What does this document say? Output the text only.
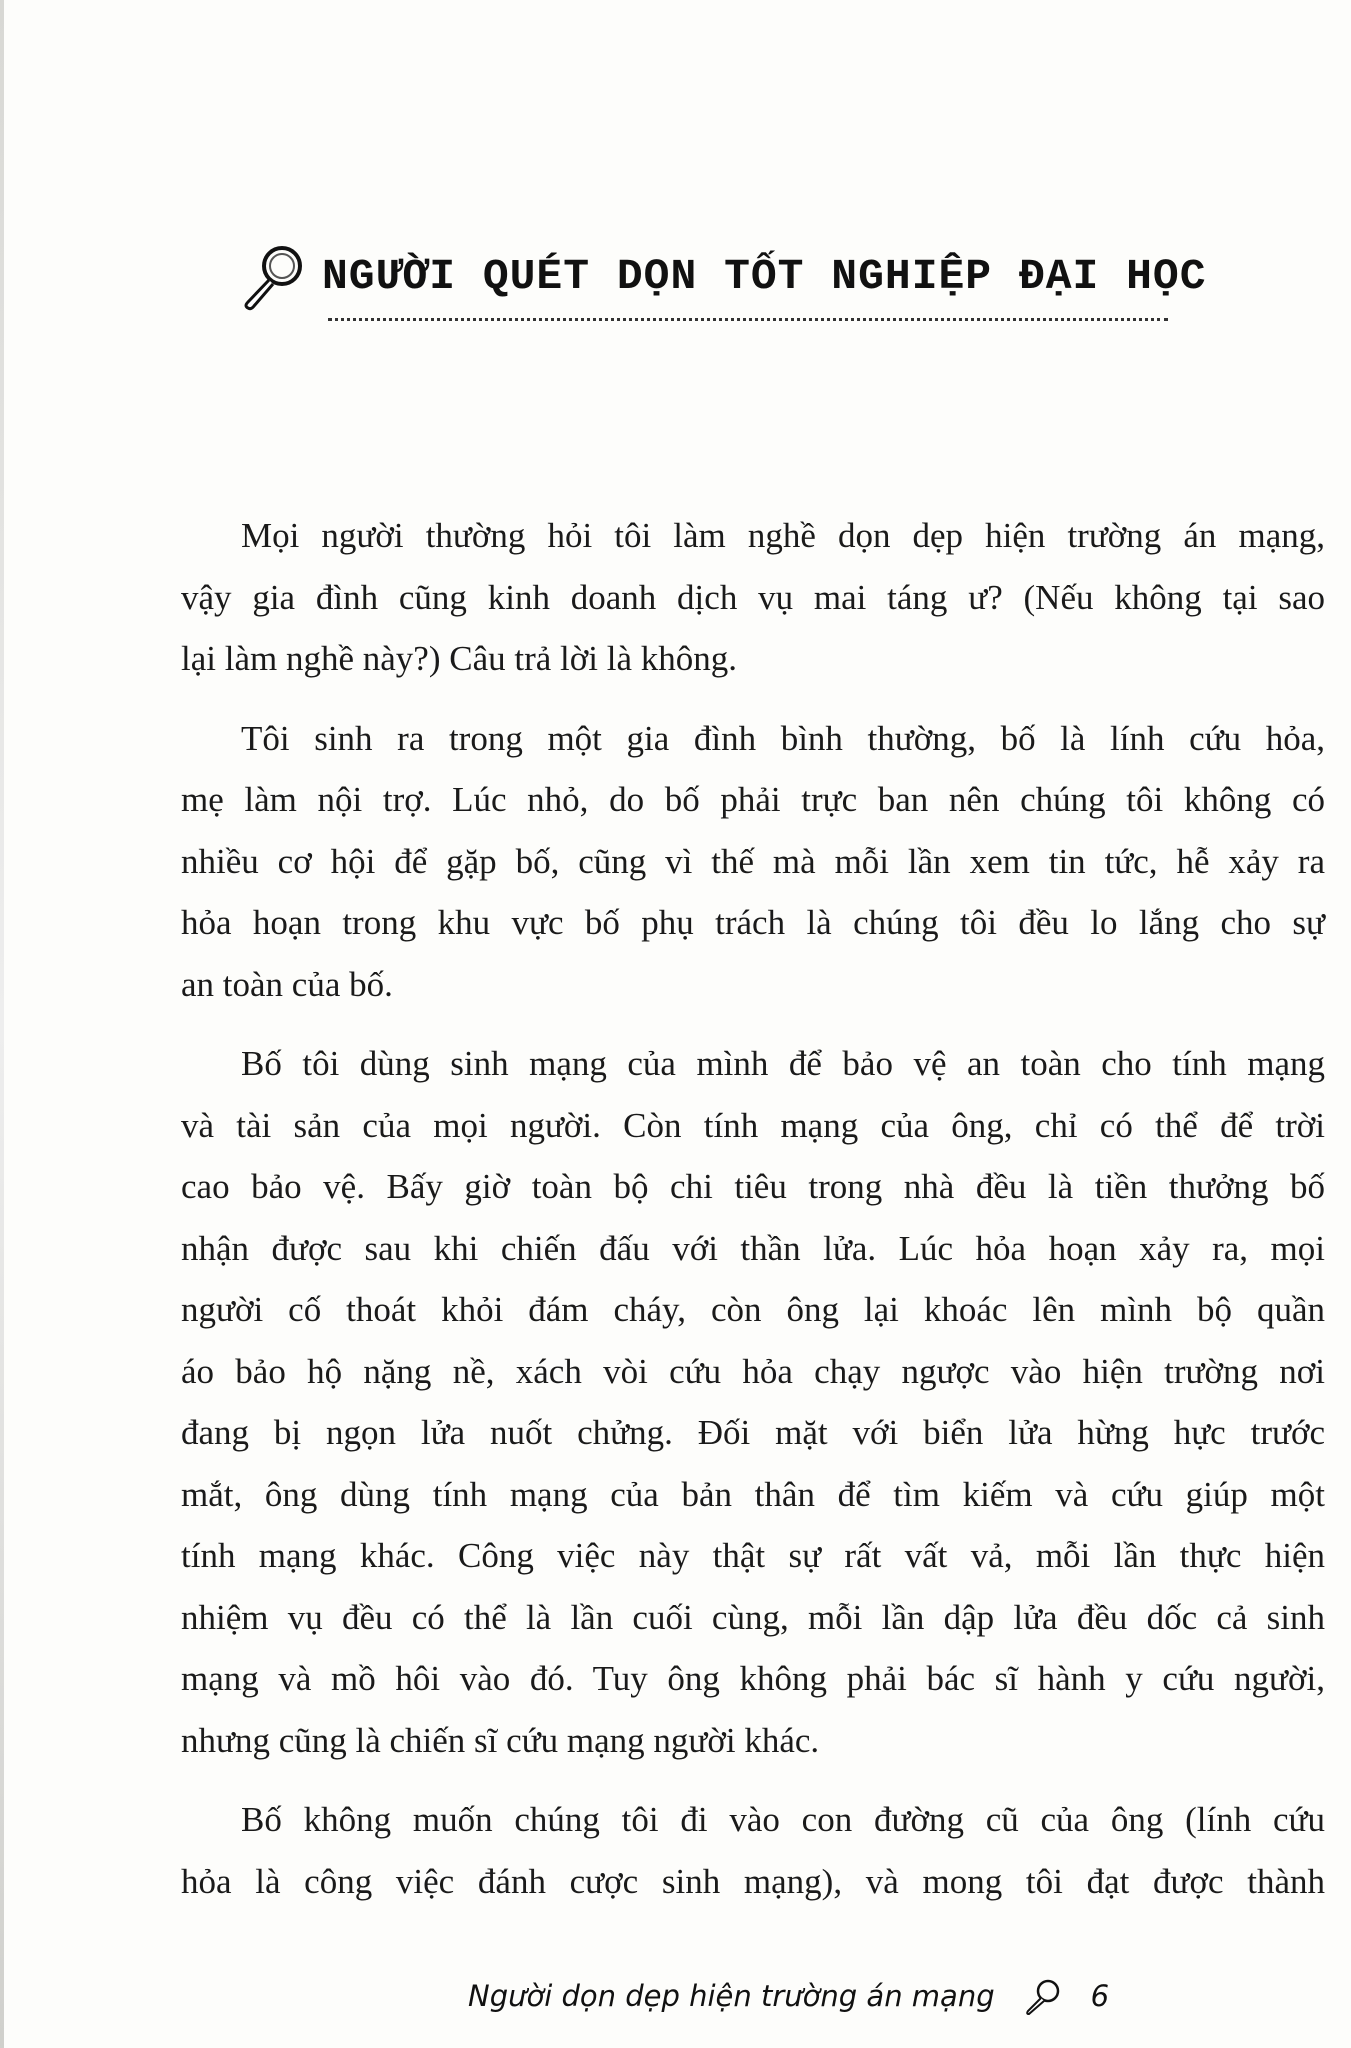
NGƯỜI QUÉT DỌN TỐT NGHIỆP ĐẠI HỌC
Mọi người thường hỏi tôi làm nghề dọn dẹp hiện trường án mạng,
vậy gia đình cũng kinh doanh dịch vụ mai táng ư? (Nếu không tại sao
lại làm nghề này?) Câu trả lời là không.
Tôi sinh ra trong một gia đình bình thường, bố là lính cứu hỏa,
mẹ làm nội trợ. Lúc nhỏ, do bố phải trực ban nên chúng tôi không có
nhiều cơ hội để gặp bố, cũng vì thế mà mỗi lần xem tin tức, hễ xảy ra
hỏa hoạn trong khu vực bố phụ trách là chúng tôi đều lo lắng cho sự
an toàn của bố.
Bố tôi dùng sinh mạng của mình để bảo vệ an toàn cho tính mạng
và tài sản của mọi người. Còn tính mạng của ông, chỉ có thể để trời
cao bảo vệ. Bấy giờ toàn bộ chi tiêu trong nhà đều là tiền thưởng bố
nhận được sau khi chiến đấu với thần lửa. Lúc hỏa hoạn xảy ra, mọi
người cố thoát khỏi đám cháy, còn ông lại khoác lên mình bộ quần
áo bảo hộ nặng nề, xách vòi cứu hỏa chạy ngược vào hiện trường nơi
đang bị ngọn lửa nuốt chửng. Đối mặt với biển lửa hừng hực trước
mắt, ông dùng tính mạng của bản thân để tìm kiếm và cứu giúp một
tính mạng khác. Công việc này thật sự rất vất vả, mỗi lần thực hiện
nhiệm vụ đều có thể là lần cuối cùng, mỗi lần dập lửa đều dốc cả sinh
mạng và mồ hôi vào đó. Tuy ông không phải bác sĩ hành y cứu người,
nhưng cũng là chiến sĩ cứu mạng người khác.
Bố không muốn chúng tôi đi vào con đường cũ của ông (lính cứu
hỏa là công việc đánh cược sinh mạng), và mong tôi đạt được thành
Người dọn dẹp hiện trường án mạng	6
